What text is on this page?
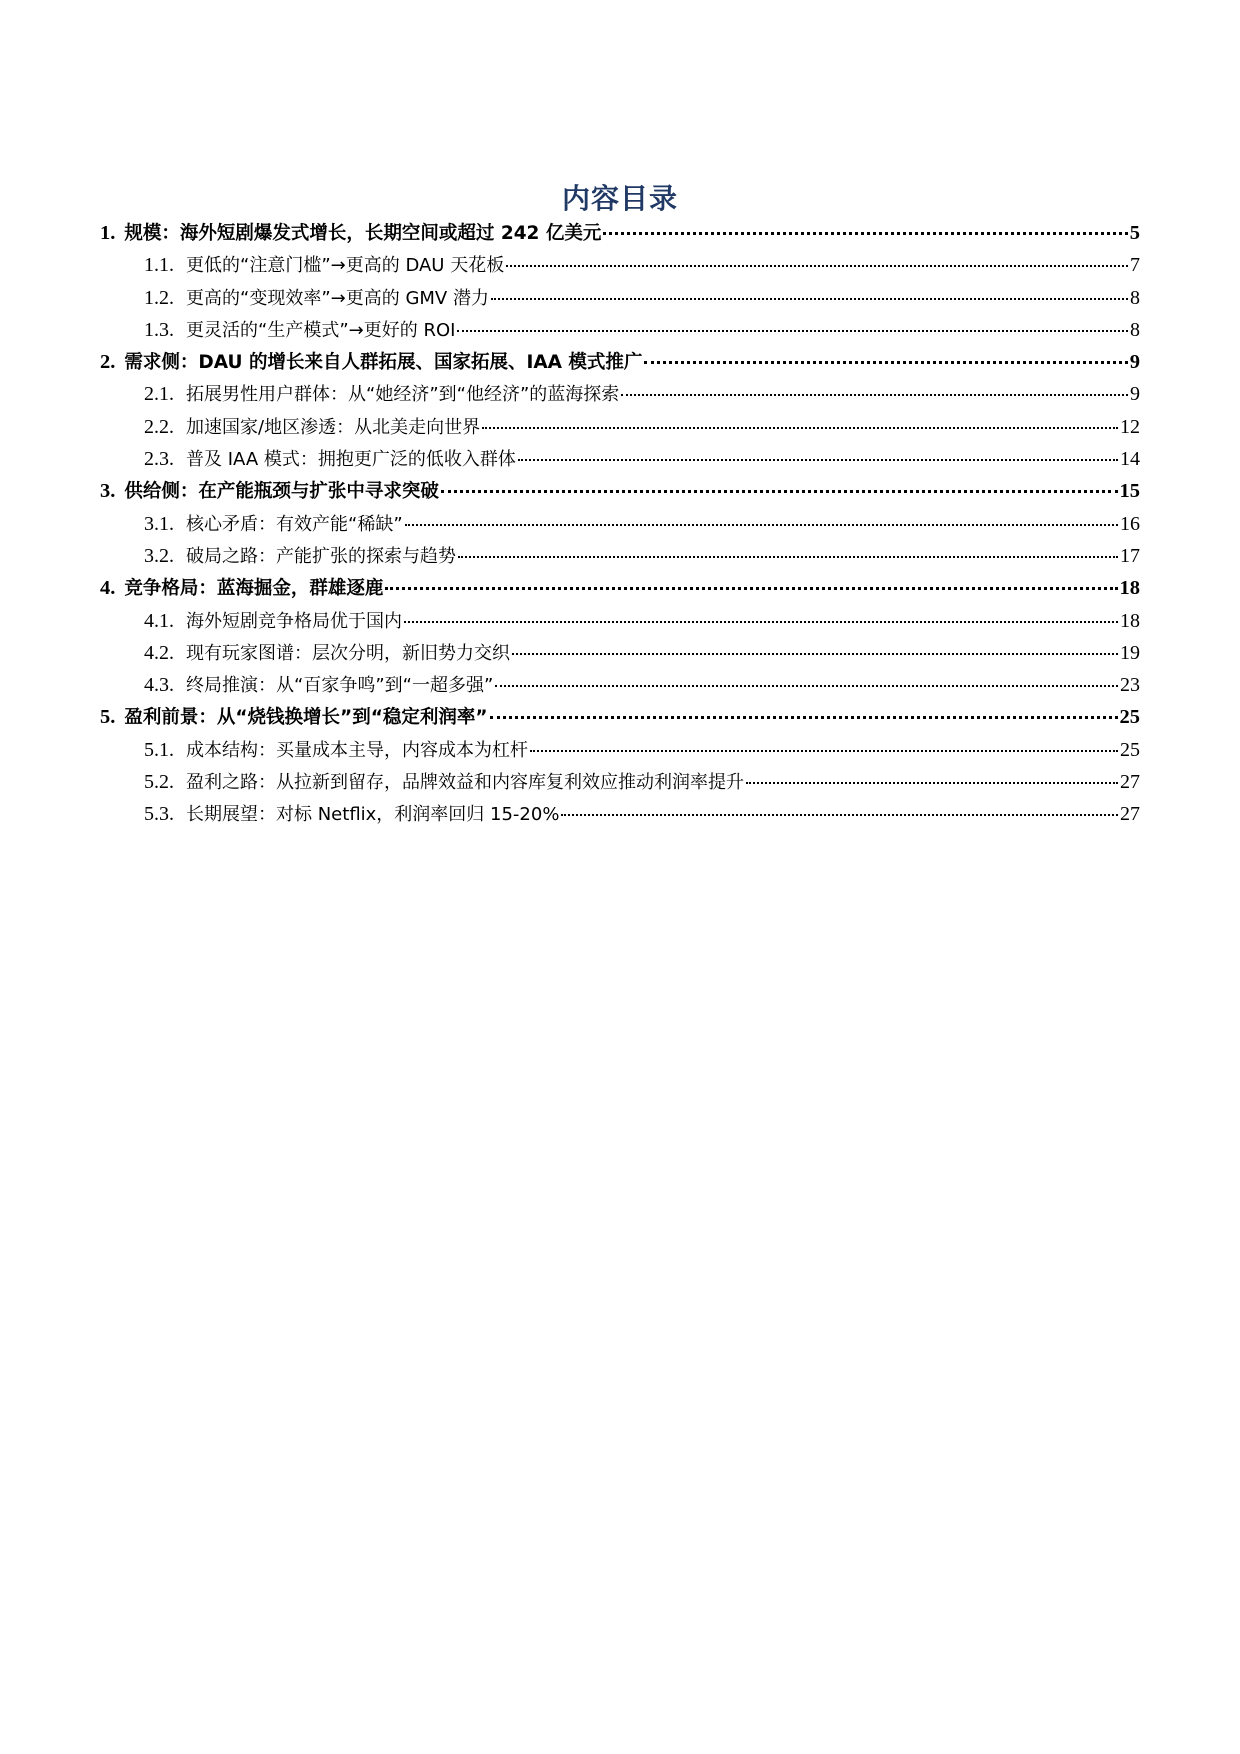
内容目录
1. 规模：海外短剧爆发式增长，长期空间或超过 242 亿美元	5
1.1. 更低的“注意门槛”→更高的 DAU 天花板	7
1.2. 更高的“变现效率”→更高的 GMV 潜力	8
1.3. 更灵活的“生产模式”→更好的 ROI	8
2. 需求侧：DAU 的增长来自人群拓展、国家拓展、IAA 模式推广	9
2.1. 拓展男性用户群体：从“她经济”到“他经济”的蓝海探索	9
2.2. 加速国家/地区渗透：从北美走向世界	12
2.3. 普及 IAA 模式：拥抱更广泛的低收入群体	14
3. 供给侧：在产能瓶颈与扩张中寻求突破	15
3.1. 核心矛盾：有效产能“稀缺”	16
3.2. 破局之路：产能扩张的探索与趋势	17
4. 竞争格局：蓝海掘金，群雄逐鹿	18
4.1. 海外短剧竞争格局优于国内	18
4.2. 现有玩家图谱：层次分明，新旧势力交织	19
4.3. 终局推演：从“百家争鸣”到“一超多强”	23
5. 盈利前景：从“烧钱换增长”到“稳定利润率”	25
5.1. 成本结构：买量成本主导，内容成本为杠杆	25
5.2. 盈利之路：从拉新到留存，品牌效益和内容库复利效应推动利润率提升	27
5.3. 长期展望：对标 Netflix，利润率回归 15-20%	27
